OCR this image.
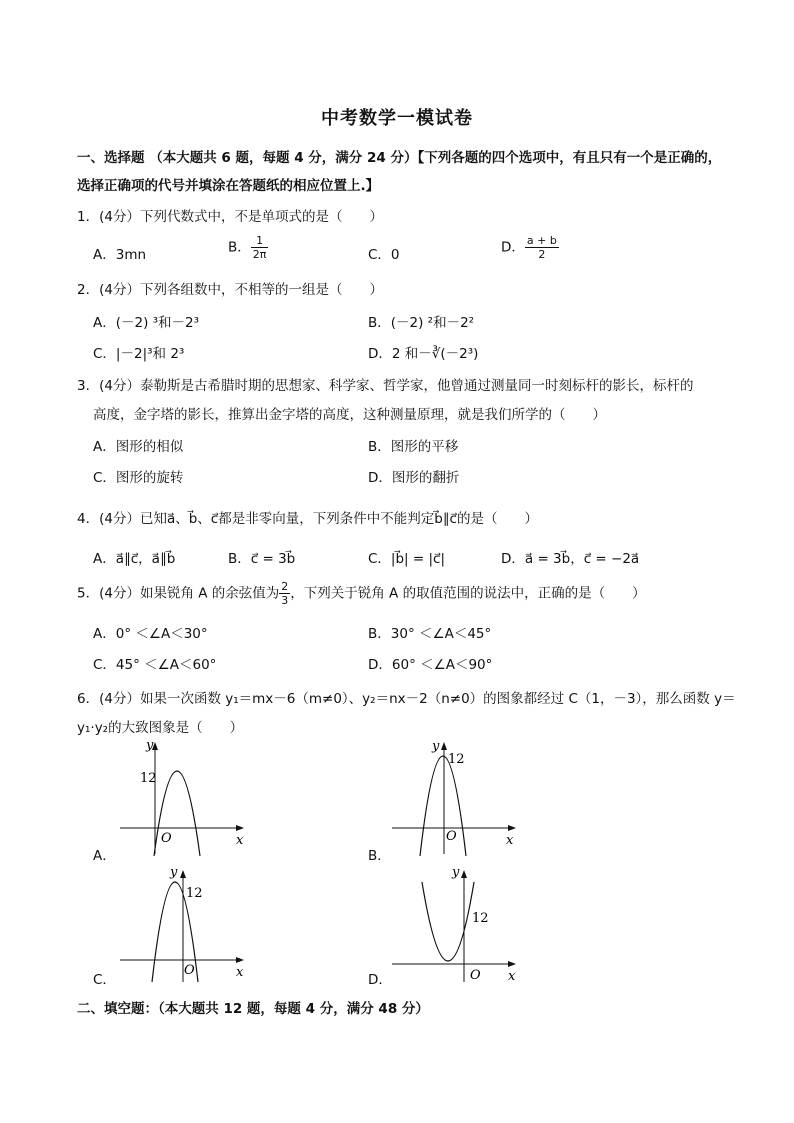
中考数学一模试卷
一、选择题 （本大题共 6 题，每题 4 分，满分 24 分）【下列各题的四个选项中，有且只有一个是正确的，
选择正确项的代号并填涂在答题纸的相应位置上.】
1．(4分）下列代数式中，不是单项式的是（　　）
A．3mn	B． $\frac{1}{2\pi}$	C．0	D． $\frac{a + b}{2}$
2．(4分）下列各组数中，不相等的一组是（　　）
A．(－2) ³和－2³	B．(－2) ²和－2²
C．|－2|³和 2³	D．2 和－∛(－2³)
3．(4分）泰勒斯是古希腊时期的思想家、科学家、哲学家，他曾通过测量同一时刻标杆的影长，标杆的
高度，金字塔的影长，推算出金字塔的高度，这种测量原理，就是我们所学的（　　）
A．图形的相似	B．图形的平移
C．图形的旋转	D．图形的翻折
4．(4分）已知a⃗、b⃗、c⃗都是非零向量，下列条件中不能判定b⃗∥c⃗的是（　　）
A．a⃗∥c⃗，a⃗∥b⃗	B．c⃗ = 3b⃗	C．|b⃗| = |c⃗|	D．a⃗ = 3b⃗，c⃗ = −2a⃗
5．(4分）如果锐角 A 的余弦值为 $\frac{2}{3}$ ，下列关于锐角 A 的取值范围的说法中，正确的是（　　）
A．0° ＜∠A＜30°	B．30° ＜∠A＜45°
C．45° ＜∠A＜60°	D．60° ＜∠A＜90°
6．(4分）如果一次函数 y₁＝mx－6（m≠0）、y₂＝nx－2（n≠0）的图象都经过 C（1，－3），那么函数 y＝
y₁·y₂的大致图象是（　　）
A．
y
x
O
12
B．
y
x
O
12
C．
y
x
O
12
D．
y
x
O
12
二、填空题：（本大题共 12 题，每题 4 分，满分 48 分）
